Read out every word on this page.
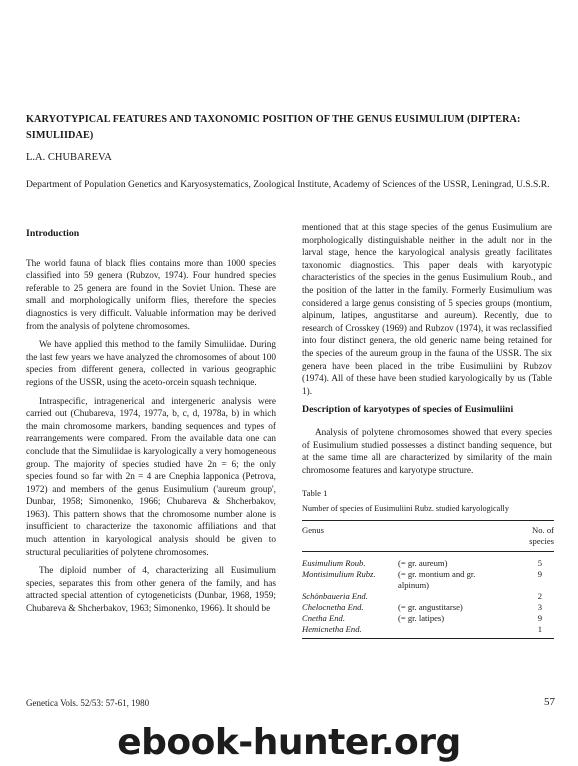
KARYOTYPICAL FEATURES AND TAXONOMIC POSITION OF THE GENUS EUSIMULIUM (DIPTERA: SIMULIIDAE)
L.A. CHUBAREVA
Department of Population Genetics and Karyosystematics, Zoological Institute, Academy of Sciences of the USSR, Leningrad, U.S.S.R.
Introduction

The world fauna of black flies contains more than 1000 species classified into 59 genera (Rubzov, 1974). Four hundred species referable to 25 genera are found in the Soviet Union. These are small and morphologically uniform flies, therefore the species diagnostics is very difficult. Valuable information may be derived from the analysis of polytene chromosomes.

We have applied this method to the family Simuliidae. During the last few years we have analyzed the chromosomes of about 100 species from different genera, collected in various geographic regions of the USSR, using the aceto-orcein squash technique.

Intraspecific, intragenerical and intergeneric analysis were carried out (Chubareva, 1974, 1977a, b, c, d, 1978a, b) in which the main chromosome markers, banding sequences and types of rearrangements were compared. From the available data one can conclude that the Simuliidae is karyologically a very homogeneous group. The majority of species studied have 2n = 6; the only species found so far with 2n = 4 are Cnephia lapponica (Petrova, 1972) and members of the genus Eusimulium ('aureum group', Dunbar, 1958; Simonenko, 1966; Chubareva & Shcherbakov, 1963). This pattern shows that the chromosome number alone is insufficient to characterize the taxonomic affiliations and that much attention in karyological analysis should be given to structural peculiarities of polytene chromosomes.

The diploid number of 4, characterizing all Eusimulium species, separates this from other genera of the family, and has attracted special attention of cytogeneticists (Dunbar, 1968, 1959; Chubareva & Shcherbakov, 1963; Simonenko, 1966). It should be

mentioned that at this stage species of the genus Eusimulium are morphologically distinguishable neither in the adult nor in the larval stage, hence the karyological analysis greatly facilitates taxonomic diagnostics. This paper deals with karyotypic characteristics of the species in the genus Eusimulium Roub., and the position of the latter in the family. Formerly Eusimulium was considered a large genus consisting of 5 species groups (montium, alpinum, latipes, angustitarse and aureum). Recently, due to research of Crosskey (1969) and Rubzov (1974), it was reclassified into four distinct genera, the old generic name being retained for the species of the aureum group in the fauna of the USSR. The six genera have been placed in the tribe Eusimuliini by Rubzov (1974). All of these have been studied karyologically by us (Table 1).

Description of karyotypes of species of Eusimuliini

Analysis of polytene chromosomes showed that every species of Eusimulium studied possesses a distinct banding sequence, but at the same time all are characterized by similarity of the main chromosome features and karyotype structure.

Table 1
Number of species of Eusimuliini Rubz. studied karyologically
Genus		No. of species
Eusimulium Roub.	(= gr. aureum)	5
Montisimulium Rubz.	(= gr. montium and gr. alpinum)	9
Schönbaueria End.		2
Cheloсnetha End.	(= gr. angustitarse)	3
Cnetha End.	(= gr. latipes)	9
Hemicnetha End.		1
Genetica Vols. 52/53: 57-61, 1980	57
ebook-hunter.org
